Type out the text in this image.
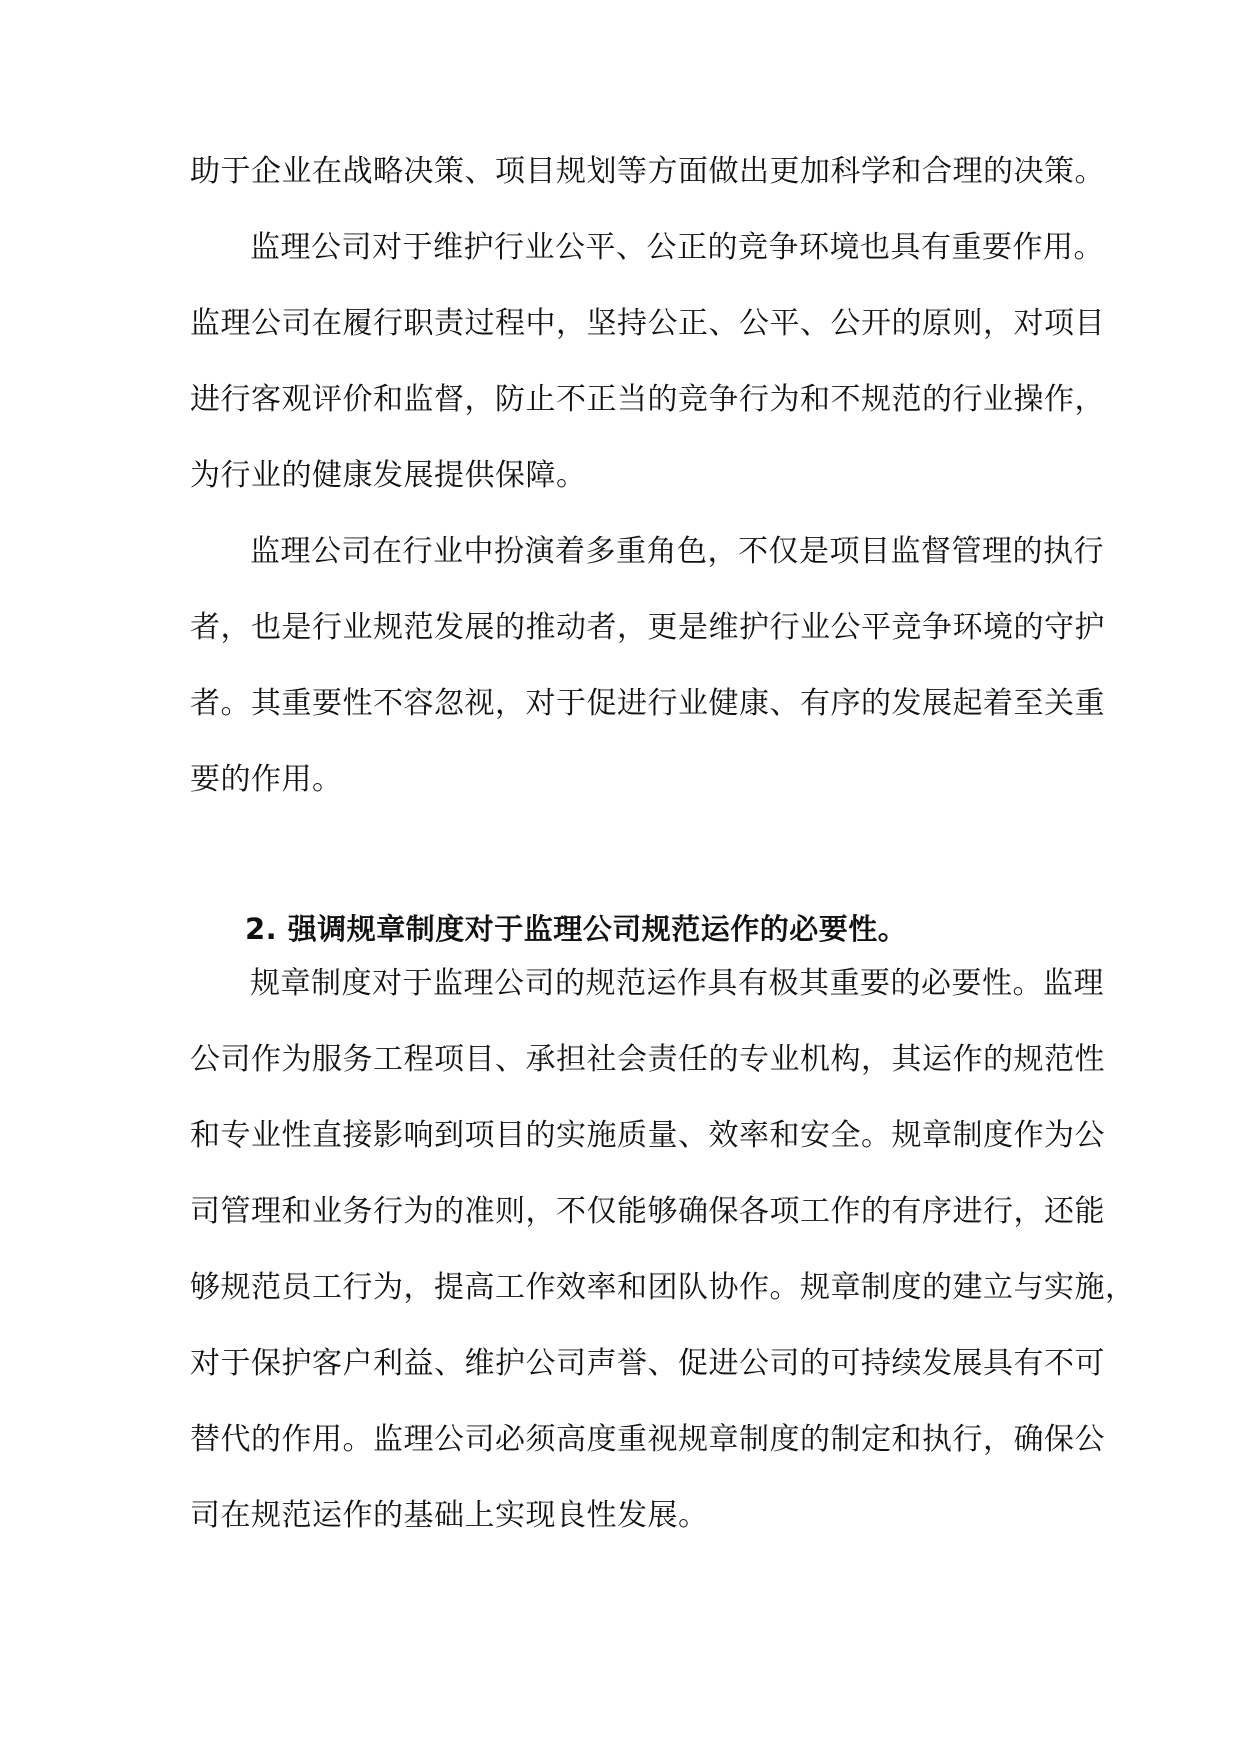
助于企业在战略决策、项目规划等方面做出更加科学和合理的决策。
监理公司对于维护行业公平、公正的竞争环境也具有重要作用。
监理公司在履行职责过程中，坚持公正、公平、公开的原则，对项目
进行客观评价和监督，防止不正当的竞争行为和不规范的行业操作，
为行业的健康发展提供保障。
监理公司在行业中扮演着多重角色，不仅是项目监督管理的执行
者，也是行业规范发展的推动者，更是维护行业公平竞争环境的守护
者。其重要性不容忽视，对于促进行业健康、有序的发展起着至关重
要的作用。
2. 强调规章制度对于监理公司规范运作的必要性。
规章制度对于监理公司的规范运作具有极其重要的必要性。监理
公司作为服务工程项目、承担社会责任的专业机构，其运作的规范性
和专业性直接影响到项目的实施质量、效率和安全。规章制度作为公
司管理和业务行为的准则，不仅能够确保各项工作的有序进行，还能
够规范员工行为，提高工作效率和团队协作。规章制度的建立与实施，
对于保护客户利益、维护公司声誉、促进公司的可持续发展具有不可
替代的作用。监理公司必须高度重视规章制度的制定和执行，确保公
司在规范运作的基础上实现良性发展。
